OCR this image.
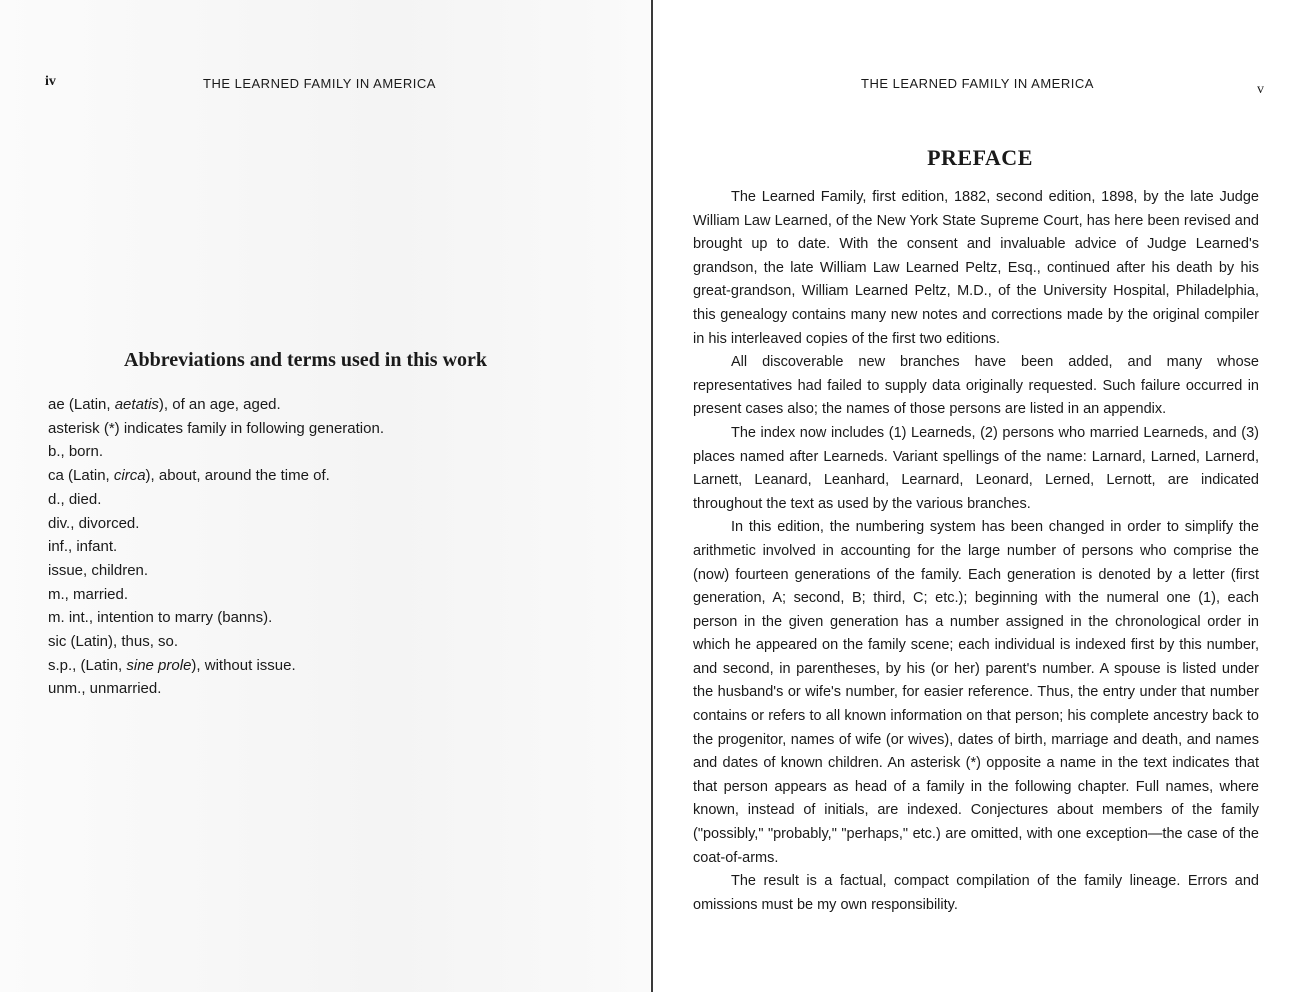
iv	THE LEARNED FAMILY IN AMERICA
Abbreviations and terms used in this work
ae (Latin, aetatis), of an age, aged.
asterisk (*) indicates family in following generation.
b., born.
ca (Latin, circa), about, around the time of.
d., died.
div., divorced.
inf., infant.
issue, children.
m., married.
m. int., intention to marry (banns).
sic (Latin), thus, so.
s.p., (Latin, sine prole), without issue.
unm., unmarried.
THE LEARNED FAMILY IN AMERICA	v
PREFACE

The Learned Family, first edition, 1882, second edition, 1898, by the late Judge William Law Learned, of the New York State Supreme Court, has here been revised and brought up to date. With the consent and invaluable advice of Judge Learned's grandson, the late William Law Learned Peltz, Esq., continued after his death by his great-grandson, William Learned Peltz, M.D., of the University Hospital, Philadelphia, this genealogy contains many new notes and corrections made by the original compiler in his interleaved copies of the first two editions.

All discoverable new branches have been added, and many whose representatives had failed to supply data originally requested. Such failure occurred in present cases also; the names of those persons are listed in an appendix.

The index now includes (1) Learneds, (2) persons who married Learneds, and (3) places named after Learneds. Variant spellings of the name: Larnard, Larned, Larnerd, Larnett, Leanard, Leanhard, Learnard, Leonard, Lerned, Lernott, are indicated throughout the text as used by the various branches.

In this edition, the numbering system has been changed in order to simplify the arithmetic involved in accounting for the large number of persons who comprise the (now) fourteen generations of the family. Each generation is denoted by a letter (first generation, A; second, B; third, C; etc.); beginning with the numeral one (1), each person in the given generation has a number assigned in the chronological order in which he appeared on the family scene; each individual is indexed first by this number, and second, in parentheses, by his (or her) parent's number. A spouse is listed under the husband's or wife's number, for easier reference. Thus, the entry under that number contains or refers to all known information on that person; his complete ancestry back to the progenitor, names of wife (or wives), dates of birth, marriage and death, and names and dates of known children. An asterisk (*) opposite a name in the text indicates that that person appears as head of a family in the following chapter. Full names, where known, instead of initials, are indexed. Conjectures about members of the family ("possibly," "probably," "perhaps," etc.) are omitted, with one exception—the case of the coat-of-arms.

The result is a factual, compact compilation of the family lineage. Errors and omissions must be my own responsibility.
